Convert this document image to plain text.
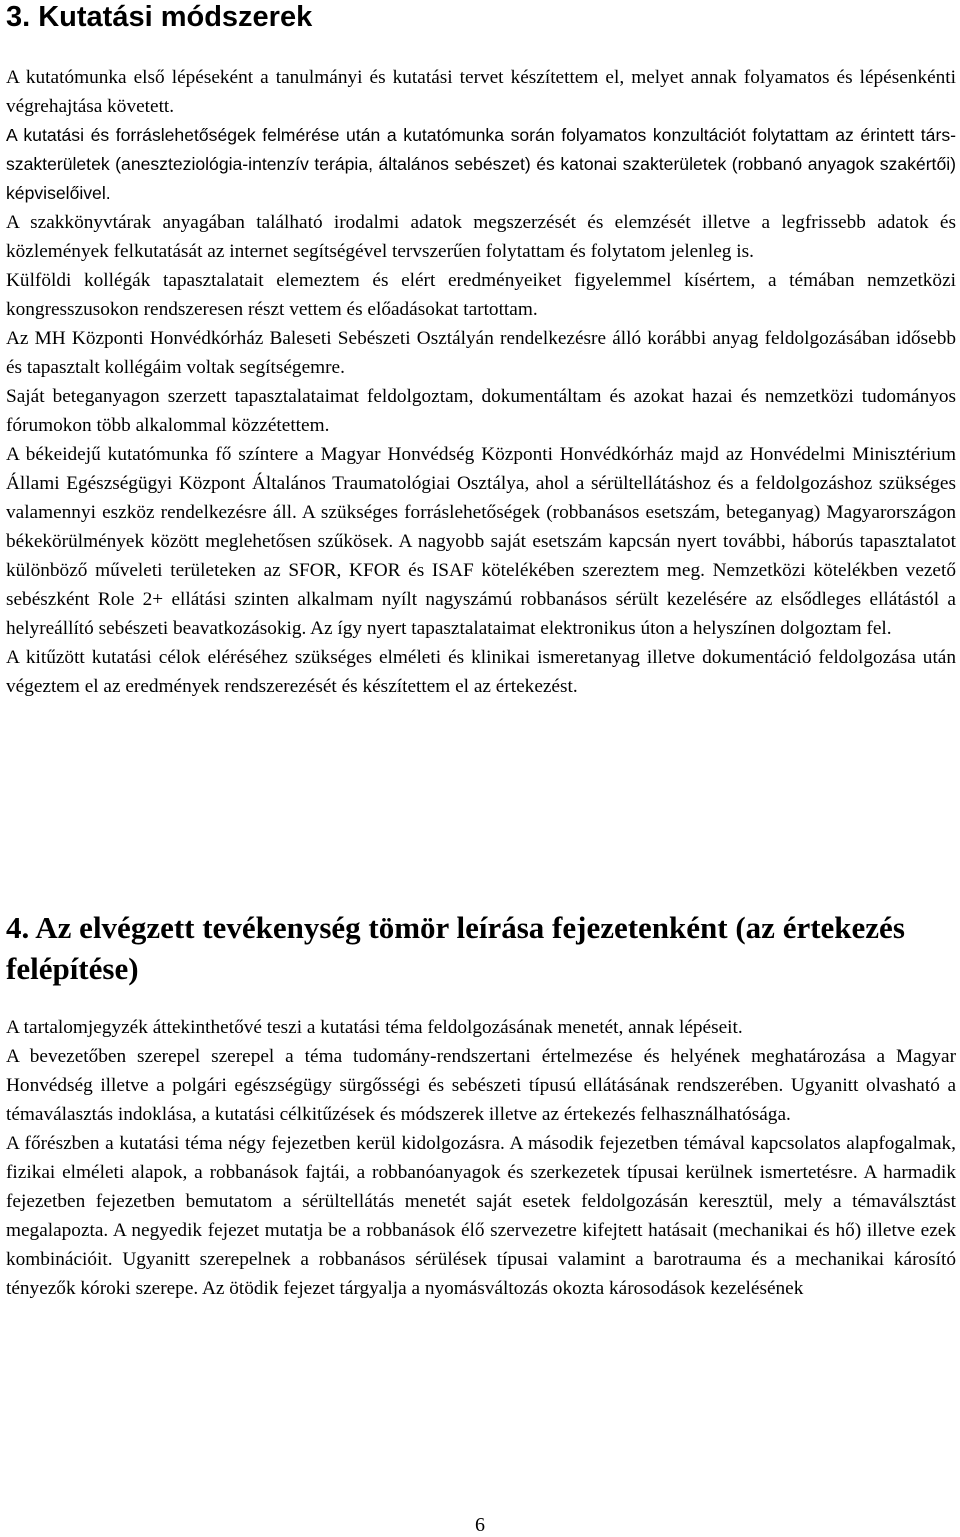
3. Kutatási módszerek

A kutatómunka első lépéseként a tanulmányi és kutatási tervet készítettem el, melyet annak folyamatos és lépésenkénti végrehajtása követett.

A kutatási és forráslehetőségek felmérése után a kutatómunka során folyamatos konzultációt folytattam az érintett társ-szakterületek (aneszteziológia-intenzív terápia, általános sebészet) és katonai szakterületek (robbanó anyagok szakértői) képviselőivel.

A szakkönyvtárak anyagában található irodalmi adatok megszerzését és elemzését illetve a legfrissebb adatok és közlemények felkutatását az internet segítségével tervszerűen folytattam és folytatom jelenleg is.

Külföldi kollégák tapasztalatait elemeztem és elért eredményeiket figyelemmel kísértem, a témában nemzetközi kongresszusokon rendszeresen részt vettem és előadásokat tartottam.

Az MH Központi Honvédkórház Baleseti Sebészeti Osztályán rendelkezésre álló korábbi anyag feldolgozásában idősebb és tapasztalt kollégáim voltak segítségemre.

Saját beteganyagon szerzett tapasztalataimat feldolgoztam, dokumentáltam és azokat hazai és nemzetközi tudományos fórumokon több alkalommal közzétettem.

A békeidejű kutatómunka fő színtere a Magyar Honvédség Központi Honvédkórház majd az Honvédelmi Minisztérium Állami Egészségügyi Központ Általános Traumatológiai Osztálya, ahol a sérültellátáshoz és a feldolgozáshoz szükséges valamennyi eszköz rendelkezésre áll. A szükséges forráslehetőségek (robbanásos esetszám, beteganyag) Magyarországon békekörülmények között meglehetősen szűkösek. A nagyobb saját esetszám kapcsán nyert további, háborús tapasztalatot különböző műveleti területeken az SFOR, KFOR és ISAF kötelékében szereztem meg. Nemzetközi kötelékben vezető sebészként Role 2+ ellátási szinten alkalmam nyílt nagyszámú robbanásos sérült kezelésére az elsődleges ellátástól a helyreállító sebészeti beavatkozásokig. Az így nyert tapasztalataimat elektronikus úton a helyszínen dolgoztam fel.

A kitűzött kutatási célok eléréséhez szükséges elméleti és klinikai ismeretanyag illetve dokumentáció feldolgozása után végeztem el az eredmények rendszerezését és készítettem el az értekezést.

4. Az elvégzett tevékenység tömör leírása fejezetenként (az értekezés felépítése)

A tartalomjegyzék áttekinthetővé teszi a kutatási téma feldolgozásának menetét, annak lépéseit.

A bevezetőben szerepel szerepel a téma tudomány-rendszertani értelmezése és helyének meghatározása a Magyar Honvédség illetve a polgári egészségügy sürgősségi és sebészeti típusú ellátásának rendszerében. Ugyanitt olvasható a témaválasztás indoklása, a kutatási célkitűzések és módszerek illetve az értekezés felhasználhatósága.

A főrészben a kutatási téma négy fejezetben kerül kidolgozásra. A második fejezetben témával kapcsolatos alapfogalmak, fizikai elméleti alapok, a robbanások fajtái, a robbanóanyagok és szerkezetek típusai kerülnek ismertetésre. A harmadik fejezetben fejezetben bemutatom a sérültellátás menetét saját esetek feldolgozásán keresztül, mely a témaválsztást megalapozta. A negyedik fejezet mutatja be a robbanások élő szervezetre kifejtett hatásait (mechanikai és hő) illetve ezek kombinációit. Ugyanitt szerepelnek a robbanásos sérülések típusai valamint a barotrauma és a mechanikai károsító tényezők kóroki szerepe. Az ötödik fejezet tárgyalja a nyomásváltozás okozta károsodások kezelésének

6
